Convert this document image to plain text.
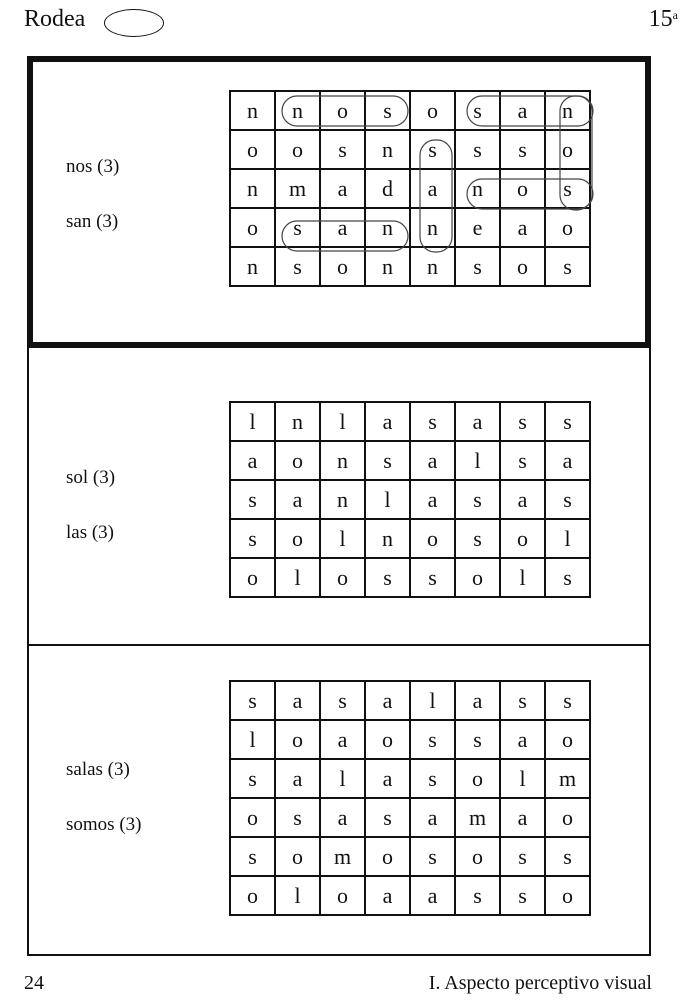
Rodea	15$^a$
nos (3)
san (3)
n	n	o	s	o	s	a	n
o	o	s	n	s	s	s	o
n	m	a	d	a	n	o	s
o	s	a	n	n	e	a	o
n	s	o	n	n	s	o	s
sol (3)
las (3)
l	n	l	a	s	a	s	s
a	o	n	s	a	l	s	a
s	a	n	l	a	s	a	s
s	o	l	n	o	s	o	l
o	l	o	s	s	o	l	s
salas (3)
somos (3)
s	a	s	a	l	a	s	s
l	o	a	o	s	s	a	o
s	a	l	a	s	o	l	m
o	s	a	s	a	m	a	o
s	o	m	o	s	o	s	s
o	l	o	a	a	s	s	o
24	I. Aspecto perceptivo visual
